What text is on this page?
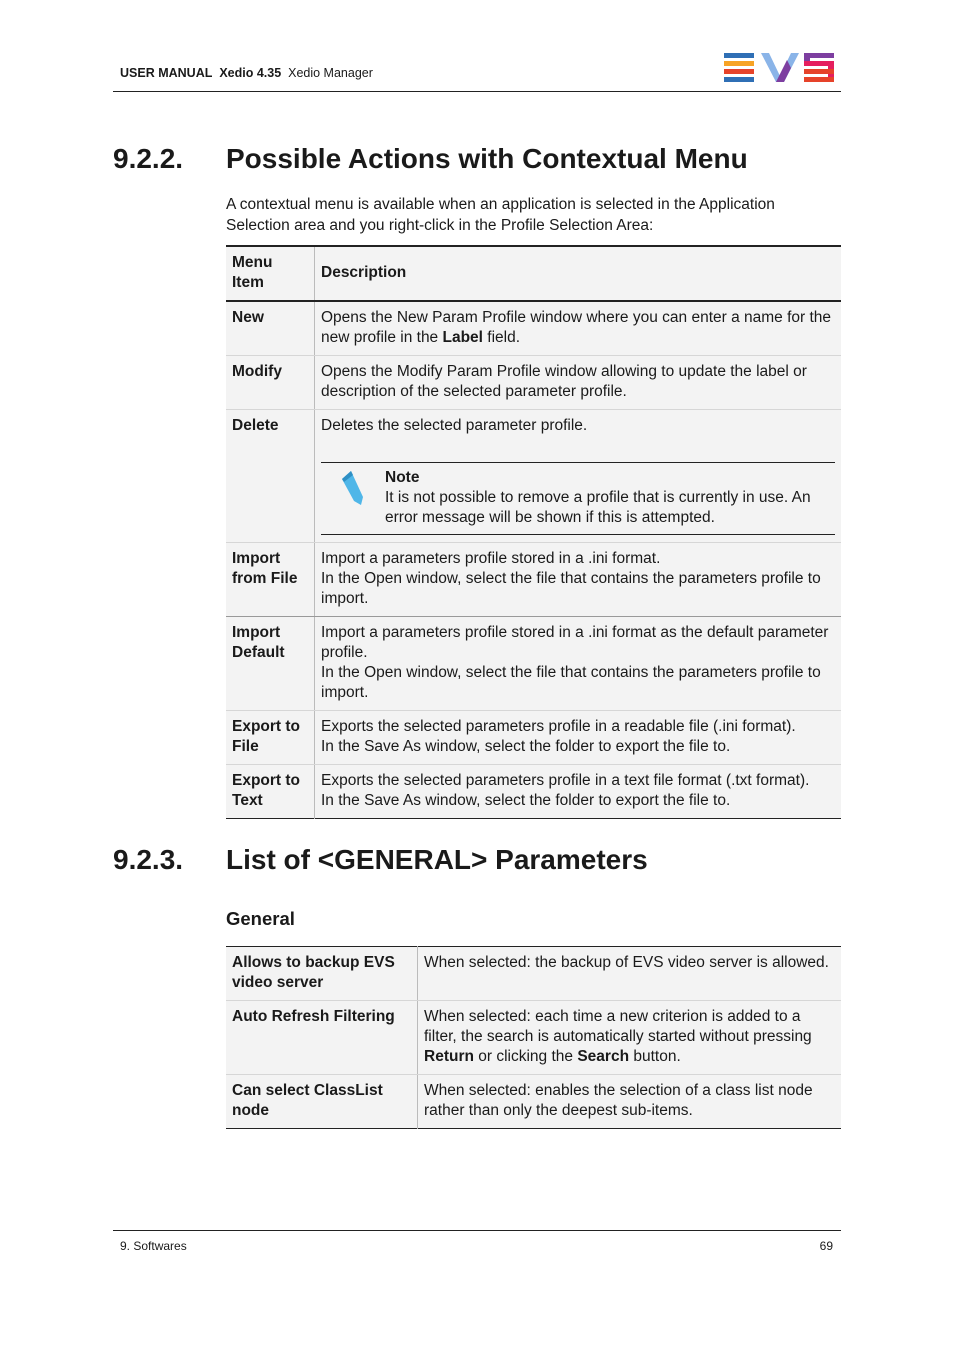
USER MANUAL Xedio 4.35 Xedio Manager
9.2.2. Possible Actions with Contextual Menu
A contextual menu is available when an application is selected in the Application Selection area and you right-click in the Profile Selection Area:
Menu Item	Description
New	Opens the New Param Profile window where you can enter a name for the new profile in the Label field.
Modify	Opens the Modify Param Profile window allowing to update the label or description of the selected parameter profile.
Delete	Deletes the selected parameter profile.
Note
It is not possible to remove a profile that is currently in use. An error message will be shown if this is attempted.

Import from File	Import a parameters profile stored in a .ini format.
In the Open window, select the file that contains the parameters profile to import.

Import Default	Import a parameters profile stored in a .ini format as the default parameter profile.
In the Open window, select the file that contains the parameters profile to import.

Export to File	Exports the selected parameters profile in a readable file (.ini format).
In the Save As window, select the folder to export the file to.

Export to Text	Exports the selected parameters profile in a text file format (.txt format).
In the Save As window, select the folder to export the file to.
9.2.3. List of <GENERAL> Parameters
General
Allows to backup EVS video server	When selected: the backup of EVS video server is allowed.
Auto Refresh Filtering	When selected: each time a new criterion is added to a filter, the search is automatically started without pressing Return or clicking the Search button.
Can select ClassList node	When selected: enables the selection of a class list node rather than only the deepest sub-items.
9. Softwares	69
